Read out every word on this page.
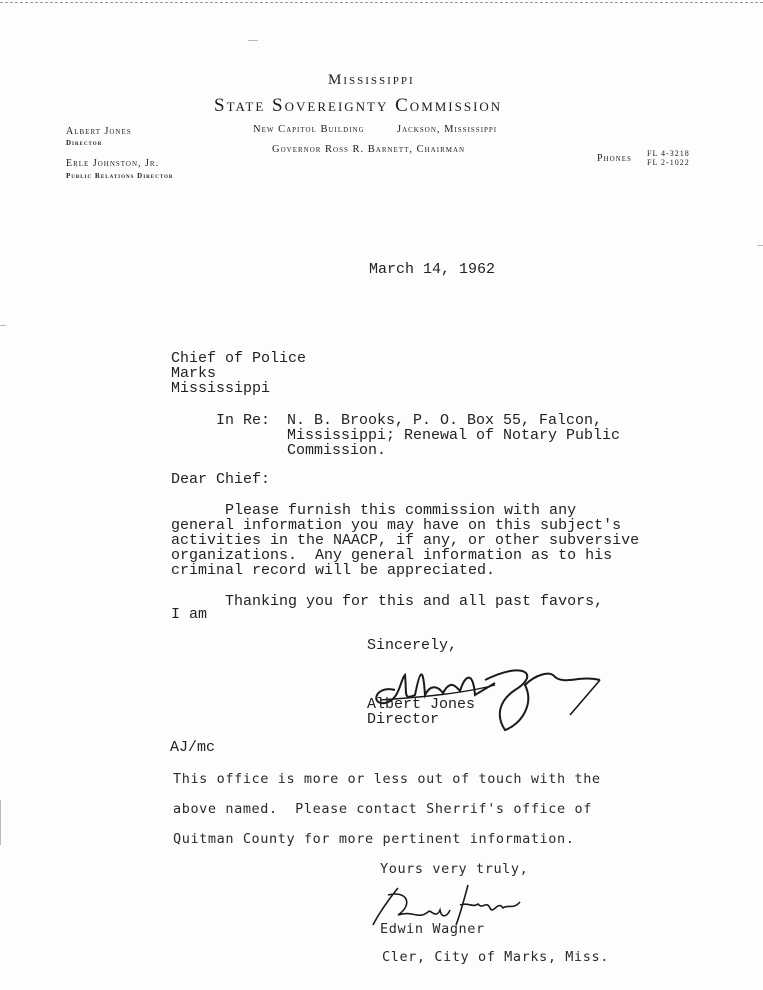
Mississippi
State Sovereignty Commission
New Capitol Building	Jackson, Mississippi
Governor Ross R. Barnett, Chairman
Albert Jones
Director
Erle Johnston, Jr.
Public Relations Director
Phones FL 4-3218
FL 2-1022
March 14, 1962
Chief of Police
Marks
Mississippi
In Re: N. B. Brooks, P. O. Box 55, Falcon,
Mississippi; Renewal of Notary Public
Commission.
Dear Chief:
Please furnish this commission with any
general information you may have on this subject's
activities in the NAACP, if any, or other subversive
organizations.  Any general information as to his
criminal record will be appreciated.
Thanking you for this and all past favors,
I am
Sincerely,
Albert Jones
Director
AJ/mc
This office is more or less out of touch with the
above named.  Please contact Sherrif's office of
Quitman County for more pertinent information.
Yours very truly,
Edwin Wagner
Cler, City of Marks, Miss.
